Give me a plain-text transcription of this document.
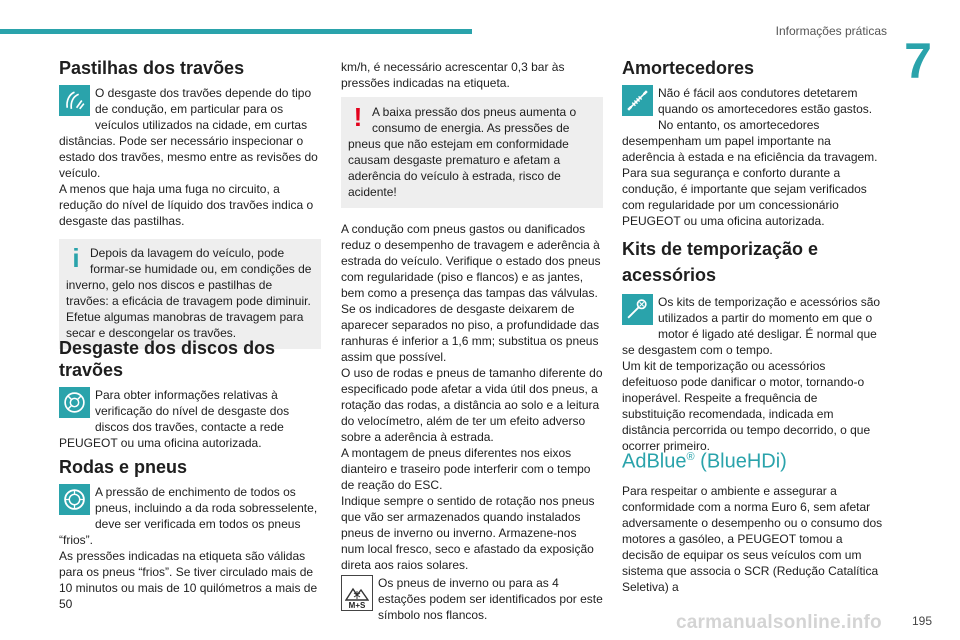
Informações práticas
7
Pastilhas dos travões

O desgaste dos travões depende do tipo de condução, em particular para os veículos utilizados na cidade, em curtas distâncias. Pode ser necessário inspecionar o estado dos travões, mesmo entre as revisões do veículo.

A menos que haja uma fuga no circuito, a redução do nível de líquido dos travões indica o desgaste das pastilhas.

i Depois da lavagem do veículo, pode formar-se humidade ou, em condições de inverno, gelo nos discos e pastilhas de travões: a eficácia de travagem pode diminuir. Efetue algumas manobras de travagem para secar e descongelar os travões.

Desgaste dos discos dos travões

Para obter informações relativas à verificação do nível de desgaste dos discos dos travões, contacte a rede PEUGEOT ou uma oficina autorizada.

Rodas e pneus

A pressão de enchimento de todos os pneus, incluindo a da roda sobresselente, deve ser verificada em todos os pneus “frios”.

As pressões indicadas na etiqueta são válidas para os pneus “frios”. Se tiver circulado mais de 10 minutos ou mais de 10 quilómetros a mais de 50

km/h, é necessário acrescentar 0,3 bar às pressões indicadas na etiqueta.

! A baixa pressão dos pneus aumenta o consumo de energia. As pressões de pneus que não estejam em conformidade causam desgaste prematuro e afetam a aderência do veículo à estrada, risco de acidente!

A condução com pneus gastos ou danificados reduz o desempenho de travagem e aderência à estrada do veículo. Verifique o estado dos pneus com regularidade (piso e flancos) e as jantes, bem como a presença das tampas das válvulas.

Se os indicadores de desgaste deixarem de aparecer separados no piso, a profundidade das ranhuras é inferior a 1,6 mm; substitua os pneus assim que possível.

O uso de rodas e pneus de tamanho diferente do especificado pode afetar a vida útil dos pneus, a rotação das rodas, a distância ao solo e a leitura do velocímetro, além de ter um efeito adverso sobre a aderência à estrada.

A montagem de pneus diferentes nos eixos dianteiro e traseiro pode interferir com o tempo de reação do ESC.

Indique sempre o sentido de rotação nos pneus que vão ser armazenados quando instalados pneus de inverno ou inverno. Armazene-nos num local fresco, seco e afastado da exposição direta aos raios solares.

M+S

Os pneus de inverno ou para as 4 estações podem ser identificados por este símbolo nos flancos.

Amortecedores

Não é fácil aos condutores detetarem quando os amortecedores estão gastos. No entanto, os amortecedores desempenham um papel importante na aderência à estada e na eficiência da travagem.

Para sua segurança e conforto durante a condução, é importante que sejam verificados com regularidade por um concessionário PEUGEOT ou uma oficina autorizada.

Kits de temporização e acessórios

Os kits de temporização e acessórios são utilizados a partir do momento em que o motor é ligado até desligar. É normal que se desgastem com o tempo.

Um kit de temporização ou acessórios defeituoso pode danificar o motor, tornando-o inoperável. Respeite a frequência de substituição recomendada, indicada em distância percorrida ou tempo decorrido, o que ocorrer primeiro.

AdBlue® (BlueHDi)

Para respeitar o ambiente e assegurar a conformidade com a norma Euro 6, sem afetar adversamente o desempenho ou o consumo dos motores a gasóleo, a PEUGEOT tomou a decisão de equipar os seus veículos com um sistema que associa o SCR (Redução Catalítica Seletiva) a

carmanualsonline.info	195
